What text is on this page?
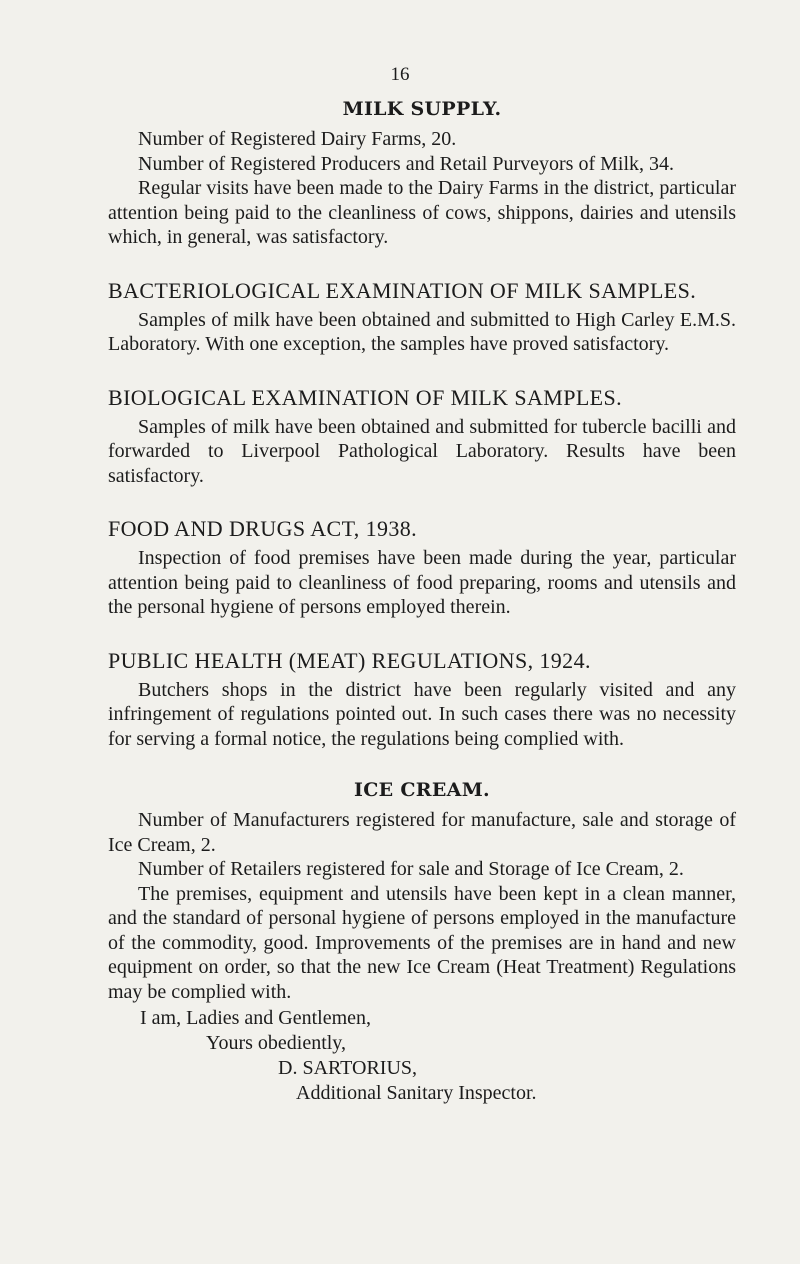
16
MILK SUPPLY.

Number of Registered Dairy Farms, 20.

Number of Registered Producers and Retail Purveyors of Milk, 34.

Regular visits have been made to the Dairy Farms in the district, particular attention being paid to the cleanliness of cows, shippons, dairies and utensils which, in general, was satisfactory.

BACTERIOLOGICAL EXAMINATION OF MILK SAMPLES.

Samples of milk have been obtained and submitted to High Carley E.M.S. Laboratory. With one exception, the samples have proved satisfactory.

BIOLOGICAL EXAMINATION OF MILK SAMPLES.

Samples of milk have been obtained and submitted for tubercle bacilli and forwarded to Liverpool Pathological Laboratory. Results have been satisfactory.

FOOD AND DRUGS ACT, 1938.

Inspection of food premises have been made during the year, particular attention being paid to cleanliness of food preparing, rooms and utensils and the personal hygiene of persons employed therein.

PUBLIC HEALTH (MEAT) REGULATIONS, 1924.

Butchers shops in the district have been regularly visited and any infringement of regulations pointed out. In such cases there was no necessity for serving a formal notice, the regulations being complied with.

ICE CREAM.

Number of Manufacturers registered for manufacture, sale and storage of Ice Cream, 2.

Number of Retailers registered for sale and Storage of Ice Cream, 2.

The premises, equipment and utensils have been kept in a clean manner, and the standard of personal hygiene of persons employed in the manufacture of the commodity, good. Improvements of the premises are in hand and new equipment on order, so that the new Ice Cream (Heat Treatment) Regulations may be complied with.

I am, Ladies and Gentlemen,
Yours obediently,
D. SARTORIUS,
Additional Sanitary Inspector.
